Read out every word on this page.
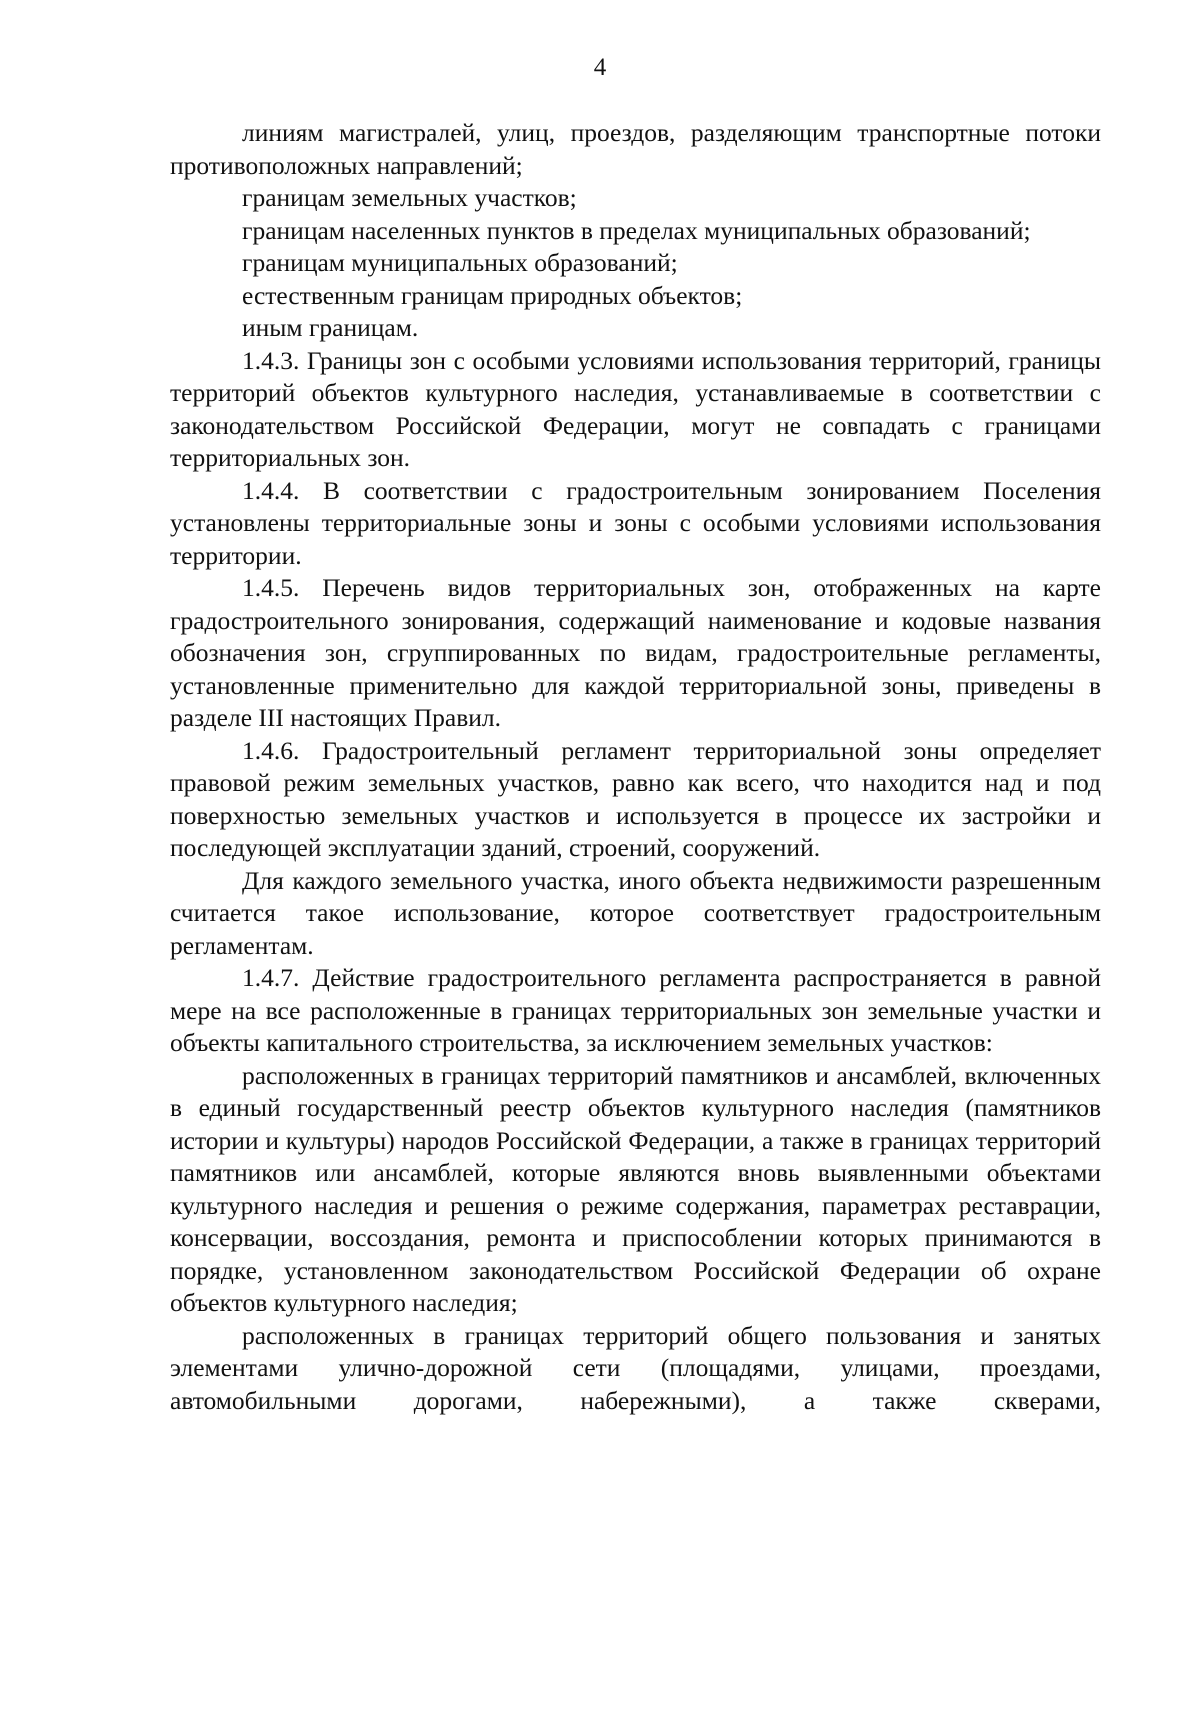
4

линиям магистралей, улиц, проездов, разделяющим транспортные потоки противоположных направлений;

границам земельных участков;

границам населенных пунктов в пределах муниципальных образований;

границам муниципальных образований;

естественным границам природных объектов;

иным границам.

1.4.3. Границы зон с особыми условиями использования территорий, границы территорий объектов культурного наследия, устанавливаемые в соответствии с законодательством Российской Федерации, могут не совпадать с границами территориальных зон.

1.4.4. В соответствии с градостроительным зонированием Поселения установлены территориальные зоны и зоны с особыми условиями использования территории.

1.4.5. Перечень видов территориальных зон, отображенных на карте градостроительного зонирования, содержащий наименование и кодовые названия обозначения зон, сгруппированных по видам, градостроительные регламенты, установленные применительно для каждой территориальной зоны, приведены в разделе III настоящих Правил.

1.4.6. Градостроительный регламент территориальной зоны определяет правовой режим земельных участков, равно как всего, что находится над и под поверхностью земельных участков и используется в процессе их застройки и последующей эксплуатации зданий, строений, сооружений.

Для каждого земельного участка, иного объекта недвижимости разрешенным считается такое использование, которое соответствует градостроительным регламентам.

1.4.7. Действие градостроительного регламента распространяется в равной мере на все расположенные в границах территориальных зон земельные участки и объекты капитального строительства, за исключением земельных участков:

расположенных в границах территорий памятников и ансамблей, включенных в единый государственный реестр объектов культурного наследия (памятников истории и культуры) народов Российской Федерации, а также в границах территорий памятников или ансамблей, которые являются вновь выявленными объектами культурного наследия и решения о режиме содержания, параметрах реставрации, консервации, воссоздания, ремонта и приспособлении которых принимаются в порядке, установленном законодательством Российской Федерации об охране объектов культурного наследия;

расположенных в границах территорий общего пользования и занятых элементами улично-дорожной сети (площадями, улицами, проездами, автомобильными дорогами, набережными), а также скверами,
